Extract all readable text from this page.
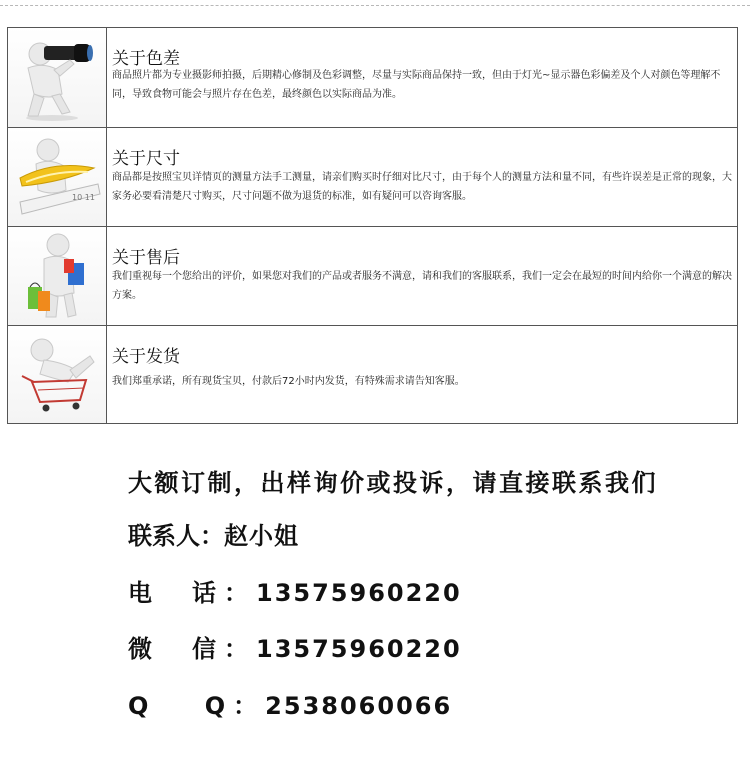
关于色差
商品照片都为专业摄影师拍摄，后期精心修制及色彩调整，尽量与实际商品保持一致，但由于灯光~显示器色彩偏差及个人对颜色等理解不同，导致食物可能会与照片存在色差，最终颜色以实际商品为准。
10 11
关于尺寸
商品都是按照宝贝详情页的测量方法手工测量，请亲们购买时仔细对比尺寸，由于每个人的测量方法和量不同，有些许误差是正常的现象，大家务必要看清楚尺寸购买，尺寸问题不做为退货的标准，如有疑问可以咨询客服。
关于售后
我们重视每一个您给出的评价，如果您对我们的产品或者服务不满意，请和我们的客服联系，我们一定会在最短的时间内给你一个满意的解决方案。
关于发货
我们郑重承诺，所有现货宝贝，付款后72小时内发货，有特殊需求请告知客服。
大额订制，出样询价或投诉，请直接联系我们
联系人：赵小姐
电　话：13575960220
微　信：13575960220
Q　 Q：2538060066
